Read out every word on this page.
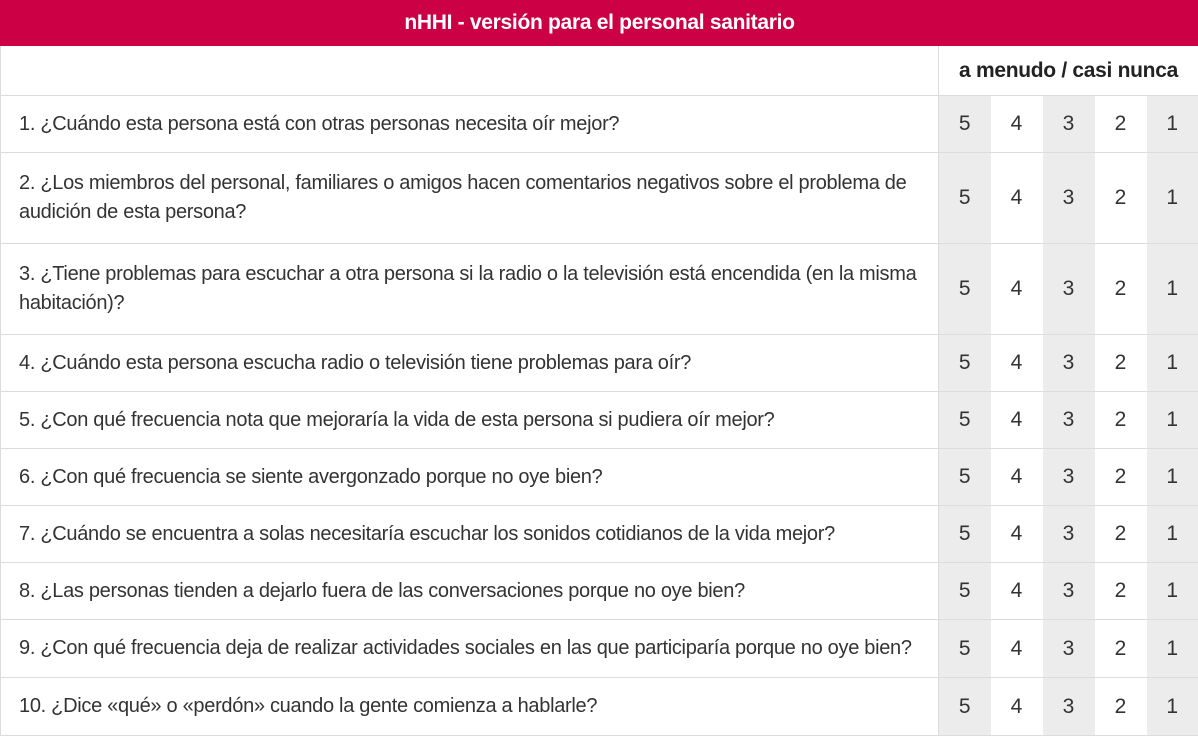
nHHI - versión para el personal sanitario					
	a menudo / casi nunca				
1. ¿Cuándo esta persona está con otras personas necesita oír mejor?	5	4	3	2	1
2. ¿Los miembros del personal, familiares o amigos hacen comentarios negativos sobre el problema de audición de esta persona?	5	4	3	2	1
3. ¿Tiene problemas para escuchar a otra persona si la radio o la televisión está encendida (en la misma habitación)?	5	4	3	2	1
4. ¿Cuándo esta persona escucha radio o televisión tiene problemas para oír?	5	4	3	2	1
5. ¿Con qué frecuencia nota que mejoraría la vida de esta persona si pudiera oír mejor?	5	4	3	2	1
6. ¿Con qué frecuencia se siente avergonzado porque no oye bien?	5	4	3	2	1
7. ¿Cuándo se encuentra a solas necesitaría escuchar los sonidos cotidianos de la vida mejor?	5	4	3	2	1
8. ¿Las personas tienden a dejarlo fuera de las conversaciones porque no oye bien?	5	4	3	2	1
9. ¿Con qué frecuencia deja de realizar actividades sociales en las que participaría porque no oye bien?	5	4	3	2	1
10. ¿Dice «qué» o «perdón» cuando la gente comienza a hablarle?	5	4	3	2	1
